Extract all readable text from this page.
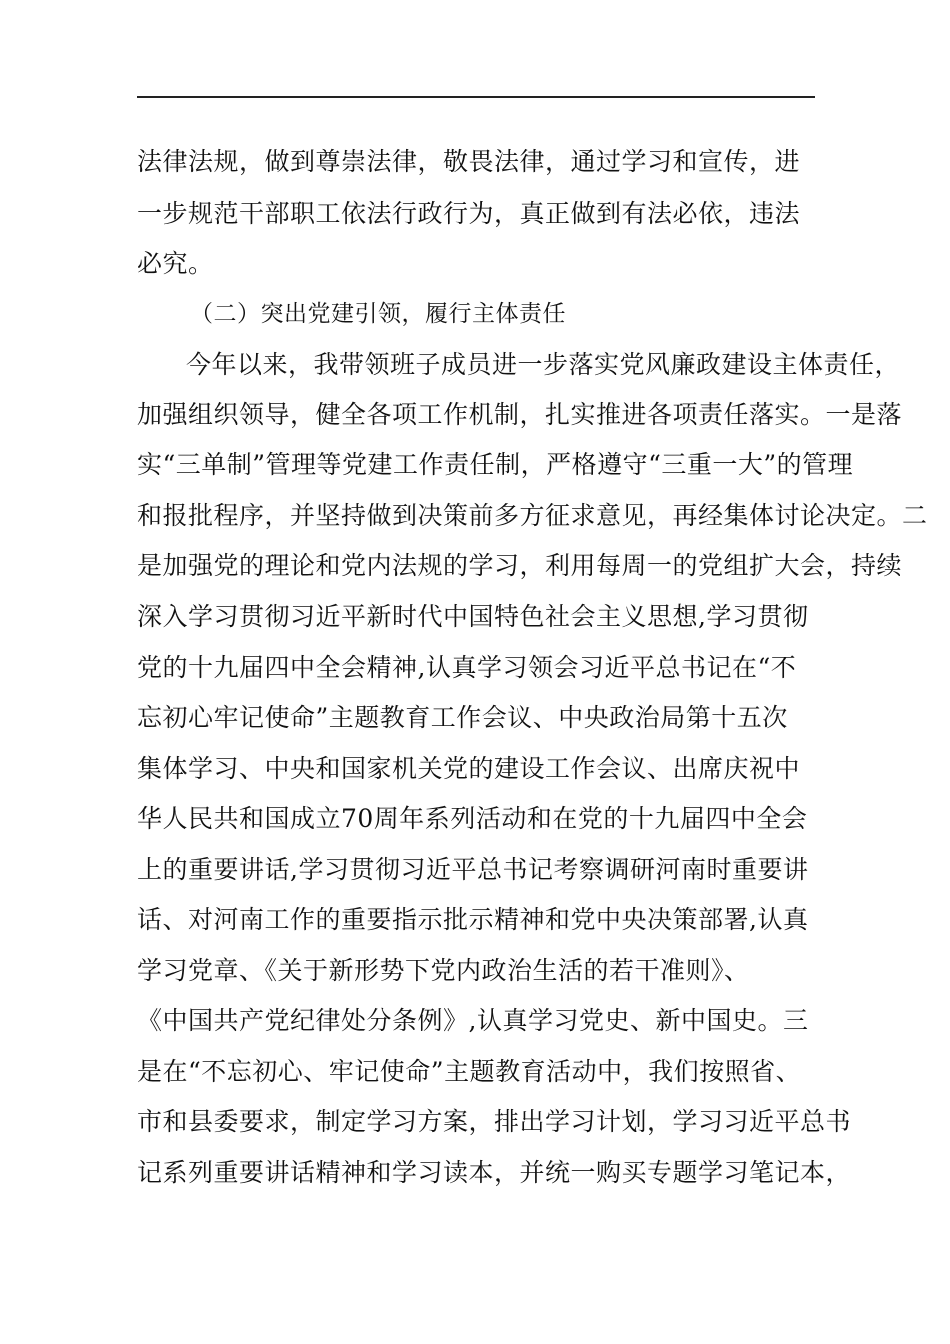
法律法规，做到尊崇法律，敬畏法律，通过学习和宣传，进
一步规范干部职工依法行政行为，真正做到有法必依，违法
必究。
（二）突出党建引领，履行主体责任
今年以来，我带领班子成员进一步落实党风廉政建设主体责任，
加强组织领导，健全各项工作机制，扎实推进各项责任落实。一是落
实“三单制”管理等党建工作责任制，严格遵守“三重一大”的管理
和报批程序，并坚持做到决策前多方征求意见，再经集体讨论决定。二
是加强党的理论和党内法规的学习，利用每周一的党组扩大会，持续
深入学习贯彻习近平新时代中国特色社会主义思想,学习贯彻
党的十九届四中全会精神,认真学习领会习近平总书记在“不
忘初心牢记使命”主题教育工作会议、中央政治局第十五次
集体学习、中央和国家机关党的建设工作会议、出席庆祝中
华人民共和国成立70周年系列活动和在党的十九届四中全会
上的重要讲话,学习贯彻习近平总书记考察调研河南时重要讲
话、对河南工作的重要指示批示精神和党中央决策部署,认真
学习党章、《关于新形势下党内政治生活的若干准则》、
《中国共产党纪律处分条例》,认真学习党史、新中国史。三
是在“不忘初心、牢记使命”主题教育活动中，我们按照省、
市和县委要求，制定学习方案，排出学习计划，学习习近平总书
记系列重要讲话精神和学习读本，并统一购买专题学习笔记本，
